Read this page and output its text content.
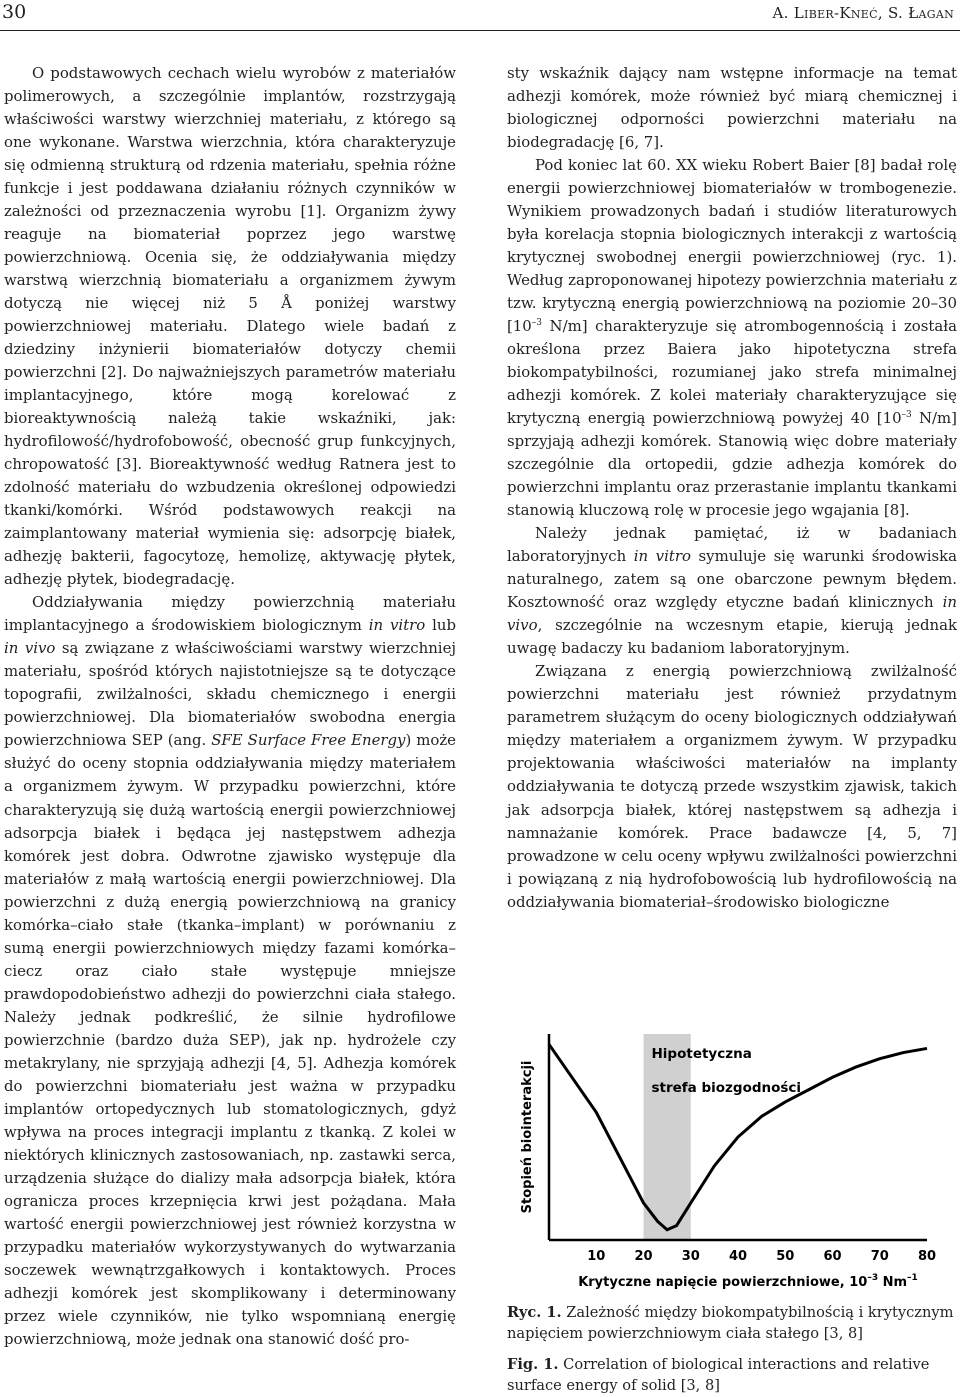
30	A. Liber-Kneć, S. Łagan

O podstawowych cechach wielu wyrobów z materiałów polimerowych, a szczególnie implantów, rozstrzygają właściwości warstwy wierzchniej materiału, z którego są one wykonane. Warstwa wierzchnia, która charakteryzuje się odmienną strukturą od rdzenia materiału, spełnia różne funkcje i jest poddawana działaniu różnych czynników w zależności od przeznaczenia wyrobu [1]. Organizm żywy reaguje na biomateriał poprzez jego warstwę powierzchniową. Ocenia się, że oddziaływania między warstwą wierzchnią biomateriału a organizmem żywym dotyczą nie więcej niż 5 Å poniżej warstwy powierzchniowej materiału. Dlatego wiele badań z dziedziny inżynierii biomateriałów dotyczy chemii powierzchni [2]. Do najważniejszych parametrów materiału implantacyjnego, które mogą korelować z bioreaktywnością należą takie wskaźniki, jak: hydrofilowość/hydrofobowość, obecność grup funkcyjnych, chropowatość [3]. Bioreaktywność według Ratnera jest to zdolność materiału do wzbudzenia określonej odpowiedzi tkanki/komórki. Wśród podstawowych reakcji na zaimplantowany materiał wymienia się: adsorpcję białek, adhezję bakterii, fagocytozę, hemolizę, aktywację płytek, adhezję płytek, biodegradację.

Oddziaływania między powierzchnią materiału implantacyjnego a środowiskiem biologicznym in vitro lub in vivo są związane z właściwościami warstwy wierzchniej materiału, spośród których najistotniejsze są te dotyczące topografii, zwilżalności, składu chemicznego i energii powierzchniowej. Dla biomateriałów swobodna energia powierzchniowa SEP (ang. SFE Surface Free Energy) może służyć do oceny stopnia oddziaływania między materiałem a organizmem żywym. W przypadku powierzchni, które charakteryzują się dużą wartością energii powierzchniowej adsorpcja białek i będąca jej następstwem adhezja komórek jest dobra. Odwrotne zjawisko występuje dla materiałów z małą wartością energii powierzchniowej. Dla powierzchni z dużą energią powierzchniową na granicy komórka–ciało stałe (tkanka–implant) w porównaniu z sumą energii powierzchniowych między fazami komórka–ciecz oraz ciało stałe występuje mniejsze prawdopodobieństwo adhezji do powierzchni ciała stałego. Należy jednak podkreślić, że silnie hydrofilowe powierzchnie (bardzo duża SEP), jak np. hydrożele czy metakrylany, nie sprzyjają adhezji [4, 5]. Adhezja komórek do powierzchni biomateriału jest ważna w przypadku implantów ortopedycznych lub stomatologicznych, gdyż wpływa na proces integracji implantu z tkanką. Z kolei w niektórych klinicznych zastosowaniach, np. zastawki serca, urządzenia służące do dializy mała adsorpcja białek, która ogranicza proces krzepnięcia krwi jest pożądana. Mała wartość energii powierzchniowej jest również korzystna w przypadku materiałów wykorzystywanych do wytwarzania soczewek wewnątrzgałkowych i kontaktowych. Proces adhezji komórek jest skomplikowany i determinowany przez wiele czynników, nie tylko wspomnianą energię powierzchniową, może jednak ona stanowić dość pro-

sty wskaźnik dający nam wstępne informacje na temat adhezji komórek, może również być miarą chemicznej i biologicznej odporności powierzchni materiału na biodegradację [6, 7].

Pod koniec lat 60. XX wieku Robert Baier [8] badał rolę energii powierzchniowej biomateriałów w trombogenezie. Wynikiem prowadzonych badań i studiów literaturowych była korelacja stopnia biologicznych interakcji z wartością krytycznej swobodnej energii powierzchniowej (ryc. 1). Według zaproponowanej hipotezy powierzchnia materiału z tzw. krytyczną energią powierzchniową na poziomie 20–30 [$10^{-3}$ N/m] charakteryzuje się atrombogennością i została określona przez Baiera jako hipotetyczna strefa biokompatybilności, rozumianej jako strefa minimalnej adhezji komórek. Z kolei materiały charakteryzujące się krytyczną energią powierzchniową powyżej 40 [$10^{-3}$ N/m] sprzyjają adhezji komórek. Stanowią więc dobre materiały szczególnie dla ortopedii, gdzie adhezja komórek do powierzchni implantu oraz przerastanie implantu tkankami stanowią kluczową rolę w procesie jego wgajania [8].

Należy jednak pamiętać, iż w badaniach laboratoryjnych in vitro symuluje się warunki środowiska naturalnego, zatem są one obarczone pewnym błędem. Kosztowność oraz względy etyczne badań klinicznych in vivo, szczególnie na wczesnym etapie, kierują jednak uwagę badaczy ku badaniom laboratoryjnym.

Związana z energią powierzchniową zwilżalność powierzchni materiału jest również przydatnym parametrem służącym do oceny biologicznych oddziaływań między materiałem a organizmem żywym. W przypadku projektowania właściwości materiałów na implanty oddziaływania te dotyczą przede wszystkim zjawisk, takich jak adsorpcja białek, której następstwem są adhezja i namnażanie komórek. Prace badawcze [4, 5, 7] prowadzone w celu oceny wpływu zwilżalności powierzchni i powiązaną z nią hydrofobowością lub hydrofilowością na oddziaływania biomateriał–środowisko biologiczne

Stopień biointerakcji
Hipotetyczna
strefa biozgodności
10 20 30 40 50 60 70 80
Krytyczne napięcie powierzchniowe, $10^{-3}$ $Nm^{-1}$
Ryc. 1. Zależność między biokompatybilnością i krytycznym napięciem powierzchniowym ciała stałego [3, 8]
Fig. 1. Correlation of biological interactions and relative surface energy of solid [3, 8]
